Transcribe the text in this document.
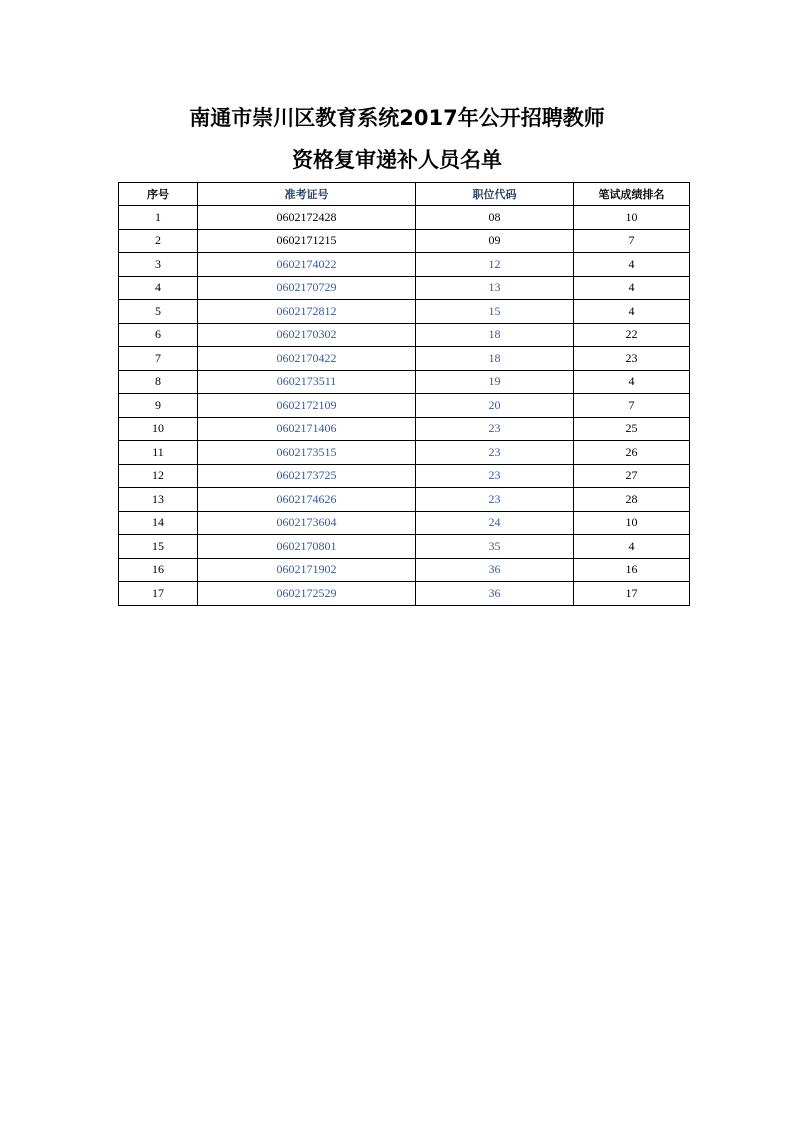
南通市崇川区教育系统2017年公开招聘教师
资格复审递补人员名单
序号	准考证号	职位代码	笔试成绩排名
1	0602172428	08	10
2	0602171215	09	7
3	0602174022	12	4
4	0602170729	13	4
5	0602172812	15	4
6	0602170302	18	22
7	0602170422	18	23
8	0602173511	19	4
9	0602172109	20	7
10	0602171406	23	25
11	0602173515	23	26
12	0602173725	23	27
13	0602174626	23	28
14	0602173604	24	10
15	0602170801	35	4
16	0602171902	36	16
17	0602172529	36	17
